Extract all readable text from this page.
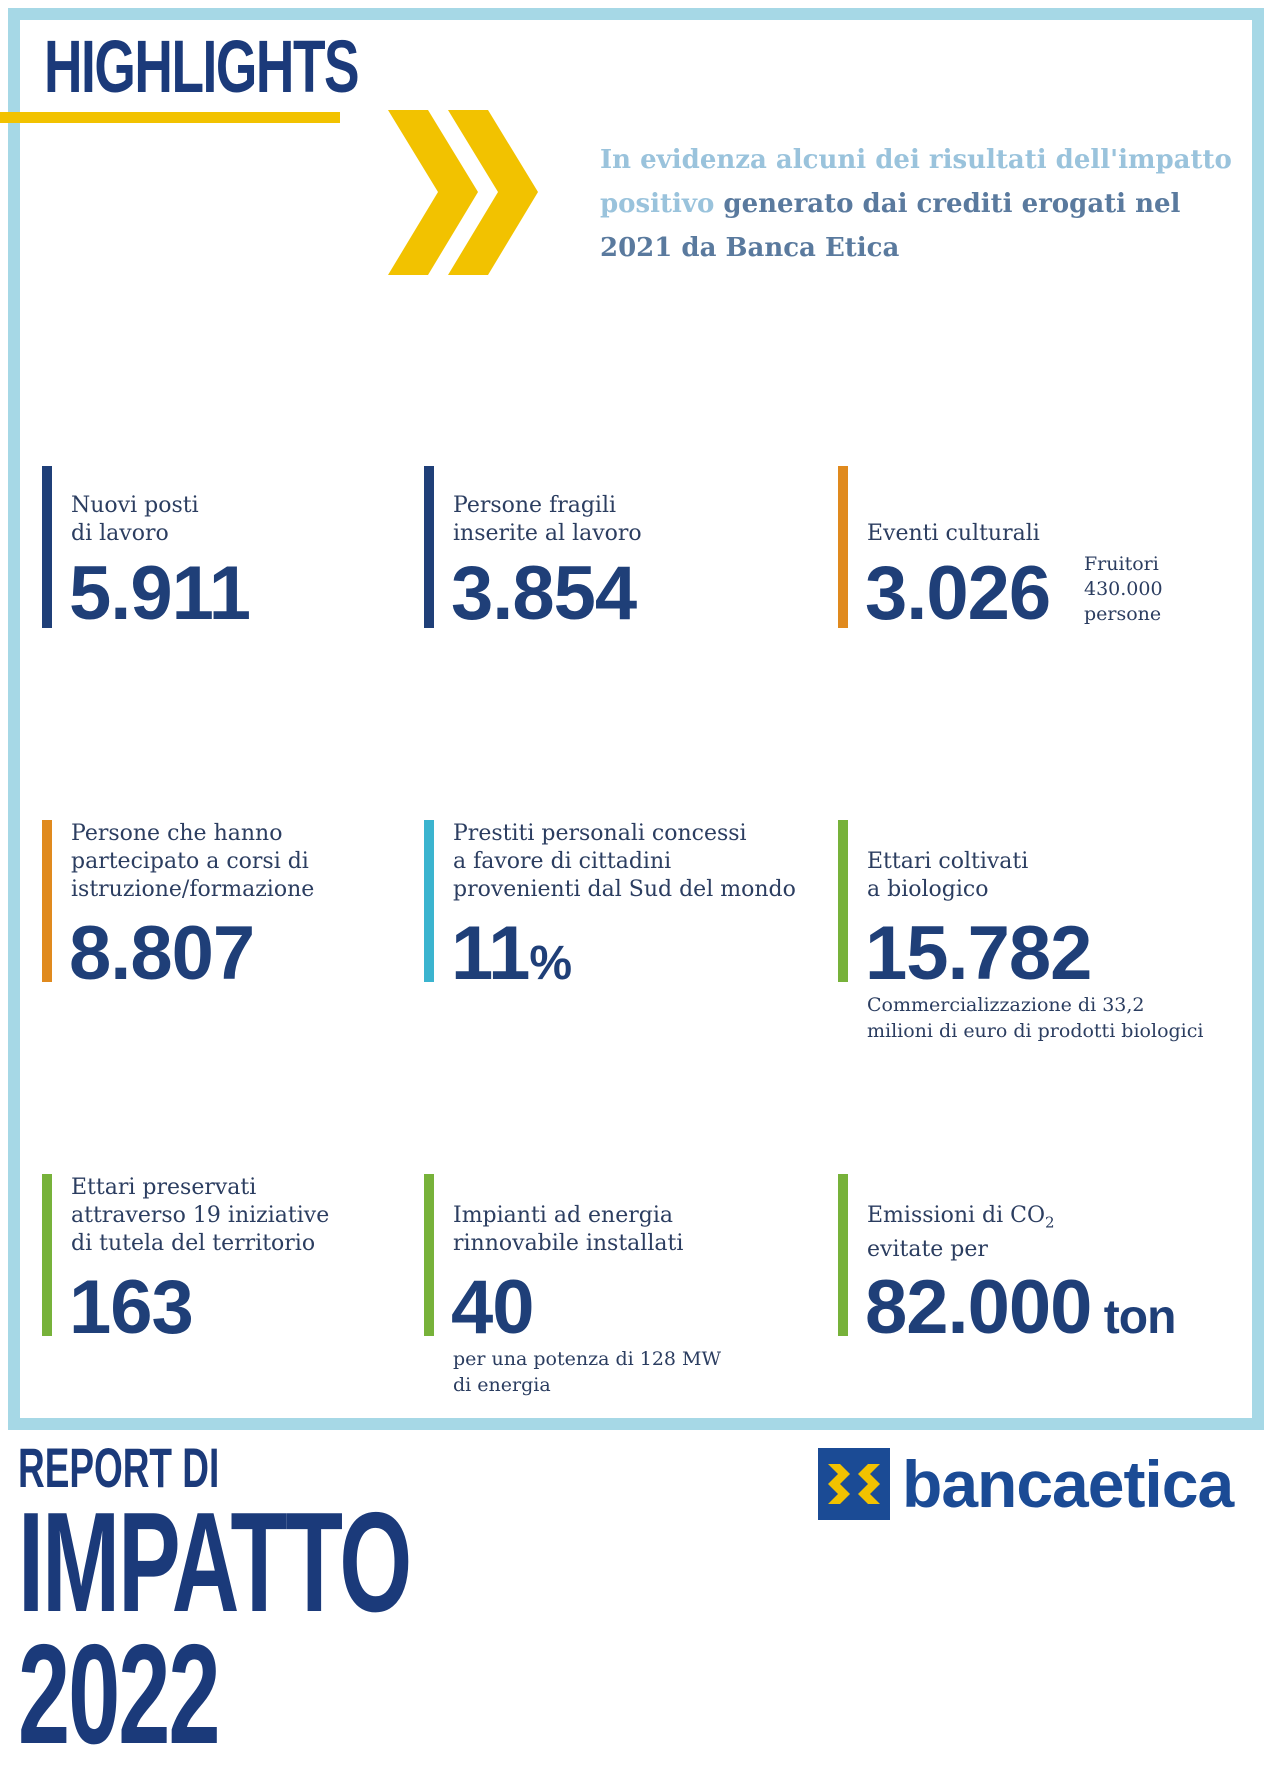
HIGHLIGHTS

In evidenza alcuni dei risultati dell'impatto positivo generato dai crediti erogati nel 2021 da Banca Etica

Nuovi posti
di lavoro

5.911

Persone fragili
inserite al lavoro

3.854

Eventi culturali

3.026 Fruitori
430.000
persone

Persone che hanno
partecipato a corsi di
istruzione/formazione

8.807

Prestiti personali concessi
a favore di cittadini
provenienti dal Sud del mondo

11%

Ettari coltivati
a biologico

15.782

Commercializzazione di 33,2
milioni di euro di prodotti biologici

Ettari preservati
attraverso 19 iniziative
di tutela del territorio

163

Impianti ad energia
rinnovabile installati

40

per una potenza di 128 MW
di energia

Emissioni di $CO_2$
evitate per

82.000 ton
REPORT DI
IMPATTO
2022
bancaetica
